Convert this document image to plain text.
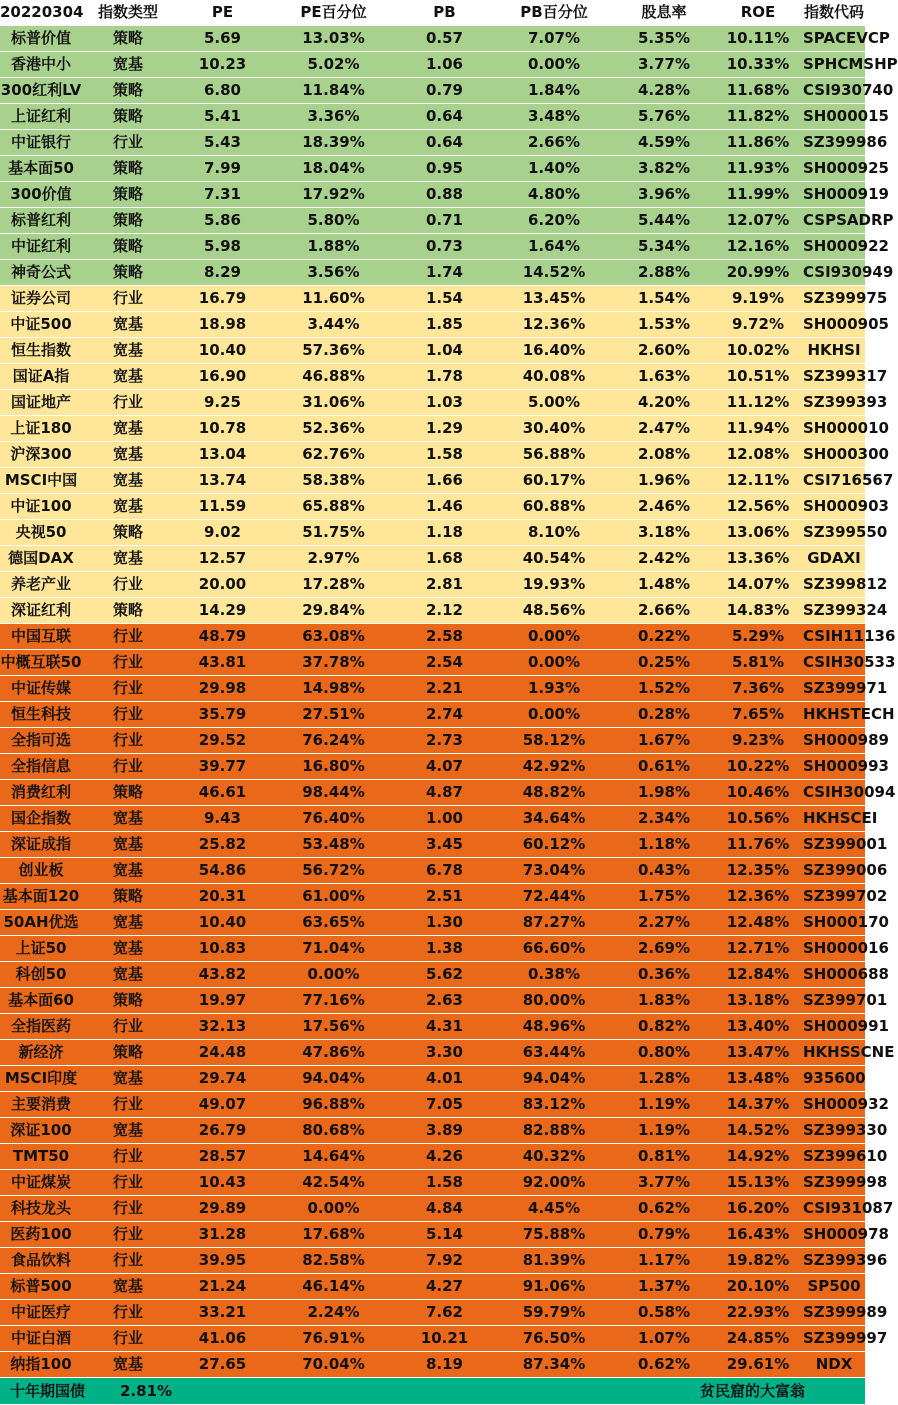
20220304 指数类型	PE	PE百分位	PB	PB百分位	股息率	ROE	指数代码
标普价值	策略	5.69	13.03%	0.57	7.07%	5.35%	10.11% SPACEVCP
香港中小	宽基	10.23	5.02%	1.06	0.00%	3.77%	10.33% SPHCMSHP
300红利LV	策略	6.80	11.84%	0.79	1.84%	4.28%	11.68% CSI930740
上证红利	策略	5.41	3.36%	0.64	3.48%	5.76%	11.82% SH000015
中证银行	行业	5.43	18.39%	0.64	2.66%	4.59%	11.86% SZ399986
基本面50	策略	7.99	18.04%	0.95	1.40%	3.82%	11.93% SH000925
300价值	策略	7.31	17.92%	0.88	4.80%	3.96%	11.99% SH000919
标普红利	策略	5.86	5.80%	0.71	6.20%	5.44%	12.07% CSPSADRP
中证红利	策略	5.98	1.88%	0.73	1.64%	5.34%	12.16% SH000922
神奇公式	策略	8.29	3.56%	1.74	14.52%	2.88%	20.99% CSI930949
证券公司	行业	16.79	11.60%	1.54	13.45%	1.54%	9.19%	SZ399975
中证500	宽基	18.98	3.44%	1.85	12.36%	1.53%	9.72%	SH000905
恒生指数	宽基	10.40	57.36%	1.04	16.40%	2.60%	10.02%	HKHSI
国证A指	宽基	16.90	46.88%	1.78	40.08%	1.63%	10.51% SZ399317
国证地产	行业	9.25	31.06%	1.03	5.00%	4.20%	11.12% SZ399393
上证180	宽基	10.78	52.36%	1.29	30.40%	2.47%	11.94% SH000010
沪深300	宽基	13.04	62.76%	1.58	56.88%	2.08%	12.08% SH000300
MSCI中国	宽基	13.74	58.38%	1.66	60.17%	1.96%	12.11% CSI716567
中证100	宽基	11.59	65.88%	1.46	60.88%	2.46%	12.56% SH000903
央视50	策略	9.02	51.75%	1.18	8.10%	3.18%	13.06% SZ399550
德国DAX	宽基	12.57	2.97%	1.68	40.54%	2.42%	13.36%	GDAXI
养老产业	行业	20.00	17.28%	2.81	19.93%	1.48%	14.07% SZ399812
深证红利	策略	14.29	29.84%	2.12	48.56%	2.66%	14.83% SZ399324
中国互联	行业	48.79	63.08%	2.58	0.00%	0.22%	5.29%	CSIH11136
中概互联50	行业	43.81	37.78%	2.54	0.00%	0.25%	5.81%	CSIH30533
中证传媒	行业	29.98	14.98%	2.21	1.93%	1.52%	7.36%	SZ399971
恒生科技	行业	35.79	27.51%	2.74	0.00%	0.28%	7.65%	HKHSTECH
全指可选	行业	29.52	76.24%	2.73	58.12%	1.67%	9.23%	SH000989
全指信息	行业	39.77	16.80%	4.07	42.92%	0.61%	10.22% SH000993
消费红利	策略	46.61	98.44%	4.87	48.82%	1.98%	10.46% CSIH30094
国企指数	宽基	9.43	76.40%	1.00	34.64%	2.34%	10.56% HKHSCEI
深证成指	宽基	25.82	53.48%	3.45	60.12%	1.18%	11.76% SZ399001
创业板	宽基	54.86	56.72%	6.78	73.04%	0.43%	12.35% SZ399006
基本面120	策略	20.31	61.00%	2.51	72.44%	1.75%	12.36% SZ399702
50AH优选	宽基	10.40	63.65%	1.30	87.27%	2.27%	12.48% SH000170
上证50	宽基	10.83	71.04%	1.38	66.60%	2.69%	12.71% SH000016
科创50	宽基	43.82	0.00%	5.62	0.38%	0.36%	12.84% SH000688
基本面60	策略	19.97	77.16%	2.63	80.00%	1.83%	13.18% SZ399701
全指医药	行业	32.13	17.56%	4.31	48.96%	0.82%	13.40% SH000991
新经济	策略	24.48	47.86%	3.30	63.44%	0.80%	13.47% HKHSSCNE
MSCI印度	宽基	29.74	94.04%	4.01	94.04%	1.28%	13.48% 935600
主要消费	行业	49.07	96.88%	7.05	83.12%	1.19%	14.37% SH000932
深证100	宽基	26.79	80.68%	3.89	82.88%	1.19%	14.52% SZ399330
TMT50	行业	28.57	14.64%	4.26	40.32%	0.81%	14.92% SZ399610
中证煤炭	行业	10.43	42.54%	1.58	92.00%	3.77%	15.13% SZ399998
科技龙头	行业	29.89	0.00%	4.84	4.45%	0.62%	16.20% CSI931087
医药100	行业	31.28	17.68%	5.14	75.88%	0.79%	16.43% SH000978
食品饮料	行业	39.95	82.58%	7.92	81.39%	1.17%	19.82% SZ399396
标普500	宽基	21.24	46.14%	4.27	91.06%	1.37%	20.10%	SP500
中证医疗	行业	33.21	2.24%	7.62	59.79%	0.58%	22.93% SZ399989
中证白酒	行业	41.06	76.91%	10.21	76.50%	1.07%	24.85% SZ399997
纳指100	宽基	27.65	70.04%	8.19	87.34%	0.62%	29.61%	NDX
十年期国债	2.81%	贫民窟的大富翁
